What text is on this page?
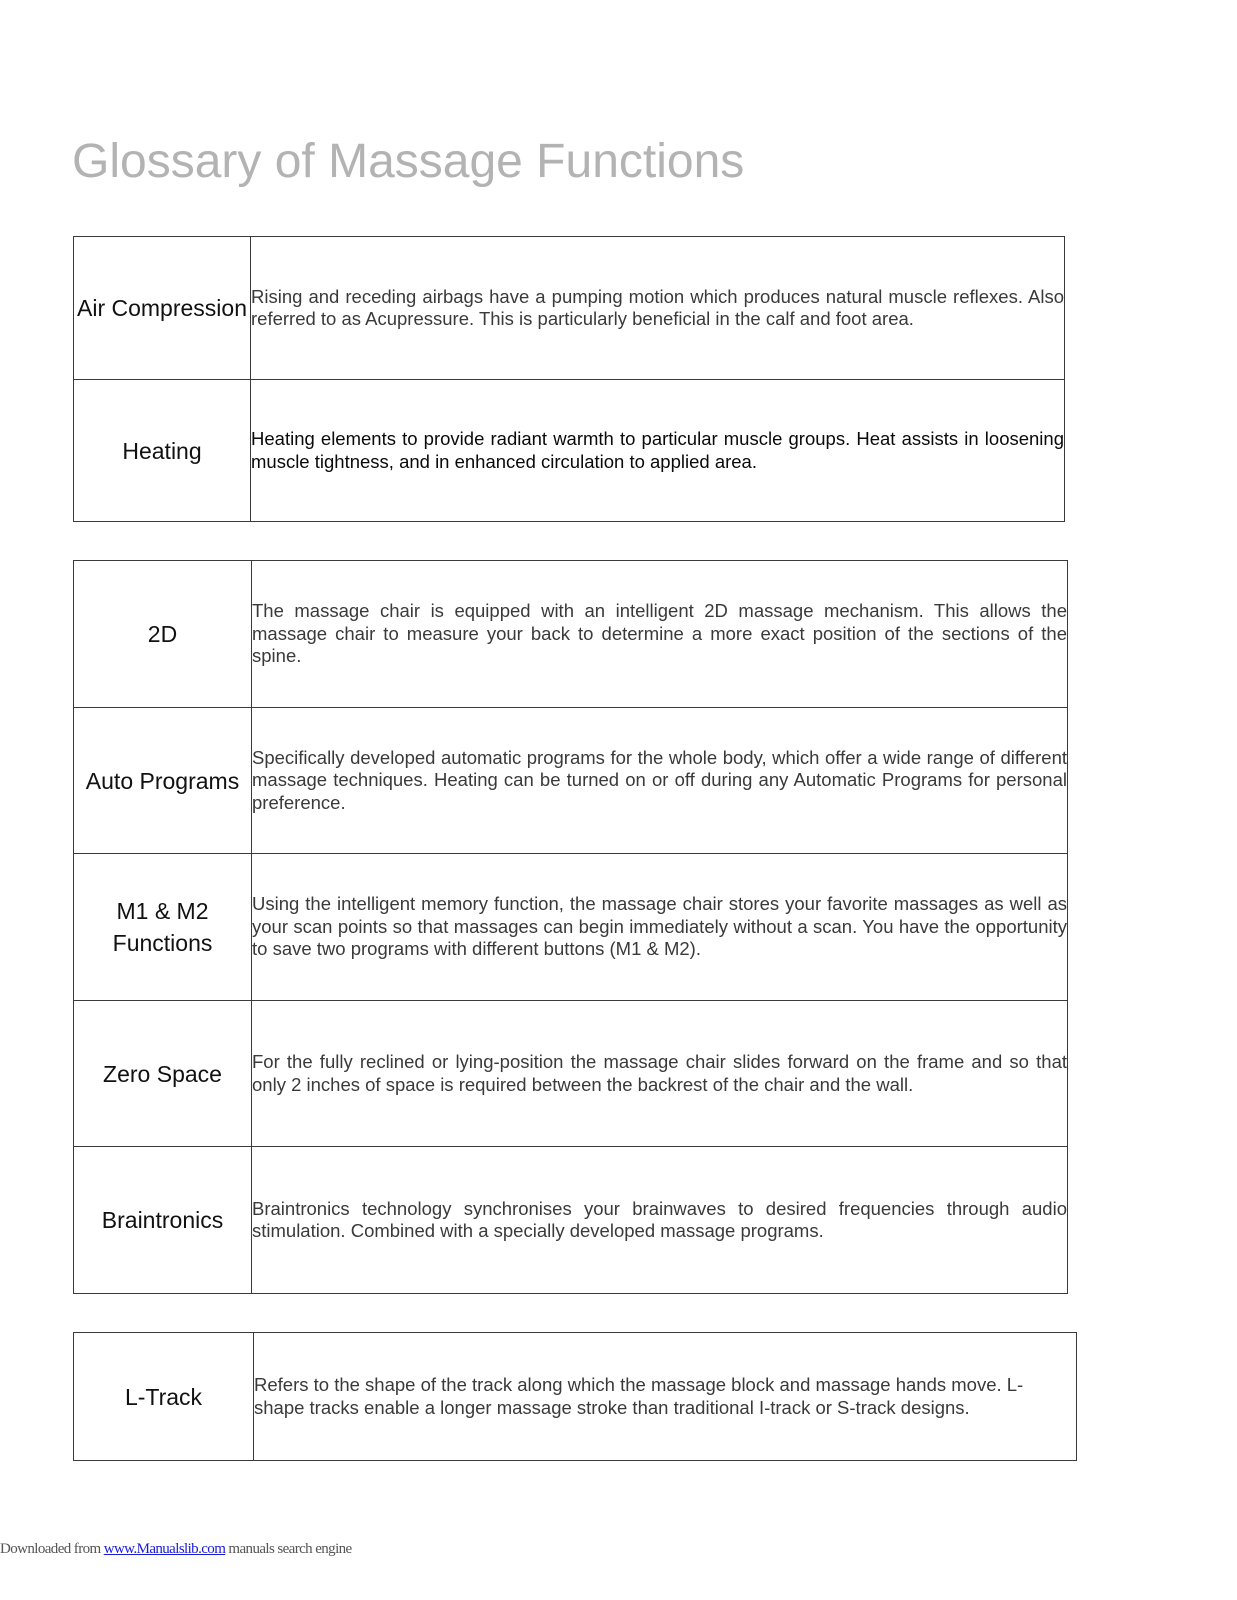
Glossary of Massage Functions
Air Compression	Rising and receding airbags have a pumping motion which produces natural muscle reflexes. Also referred to as Acupressure. This is particularly beneficial in the calf and foot area.
Heating	Heating elements to provide radiant warmth to particular muscle groups. Heat assists in loosening muscle tightness, and in enhanced circulation to applied area.
2D	The massage chair is equipped with an intelligent 2D massage mechanism. This allows the massage chair to measure your back to determine a more exact position of the sections of the spine.
Auto Programs	Specifically developed automatic programs for the whole body, which offer a wide range of different massage techniques. Heating can be turned on or off during any Automatic Programs for personal preference.
M1 & M2 Functions	Using the intelligent memory function, the massage chair stores your favorite massages as well as your scan points so that massages can begin immediately without a scan. You have the opportunity to save two programs with different buttons (M1 & M2).
Zero Space	For the fully reclined or lying-position the massage chair slides forward on the frame and so that only 2 inches of space is required between the backrest of the chair and the wall.
Braintronics	Braintronics technology synchronises your brainwaves to desired frequencies through audio stimulation. Combined with a specially developed massage programs.
L-Track	Refers to the shape of the track along which the massage block and massage hands move. L-shape tracks enable a longer massage stroke than traditional I-track or S-track designs.
Downloaded from www.Manualslib.com manuals search engine
